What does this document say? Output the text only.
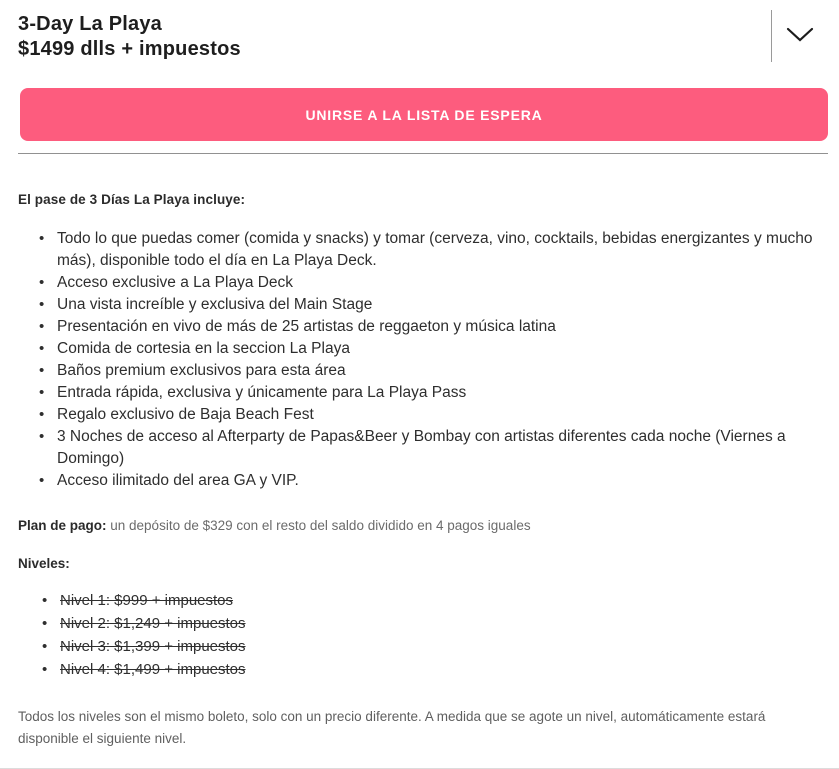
3-Day La Playa
$1499 dlls + impuestos
UNIRSE A LA LISTA DE ESPERA
El pase de 3 Días La Playa incluye:
• Todo lo que puedas comer (comida y snacks) y tomar (cerveza, vino, cocktails, bebidas energizantes y mucho más), disponible todo el día en La Playa Deck.
• Acceso exclusive a La Playa Deck
• Una vista increíble y exclusiva del Main Stage
• Presentación en vivo de más de 25 artistas de reggaeton y música latina
• Comida de cortesia en la seccion La Playa
• Baños premium exclusivos para esta área
• Entrada rápida, exclusiva y únicamente para La Playa Pass
• Regalo exclusivo de Baja Beach Fest
• 3 Noches de acceso al Afterparty de Papas&Beer y Bombay con artistas diferentes cada noche (Viernes a Domingo)
• Acceso ilimitado del area GA y VIP.

Plan de pago: un depósito de $329 con el resto del saldo dividido en 4 pagos iguales

Niveles:
• Nivel 1: $999 + impuestos
• Nivel 2: $1,249 + impuestos
• Nivel 3: $1,399 + impuestos
• Nivel 4: $1,499 + impuestos

Todos los niveles son el mismo boleto, solo con un precio diferente. A medida que se agote un nivel, automáticamente estará disponible el siguiente nivel.
